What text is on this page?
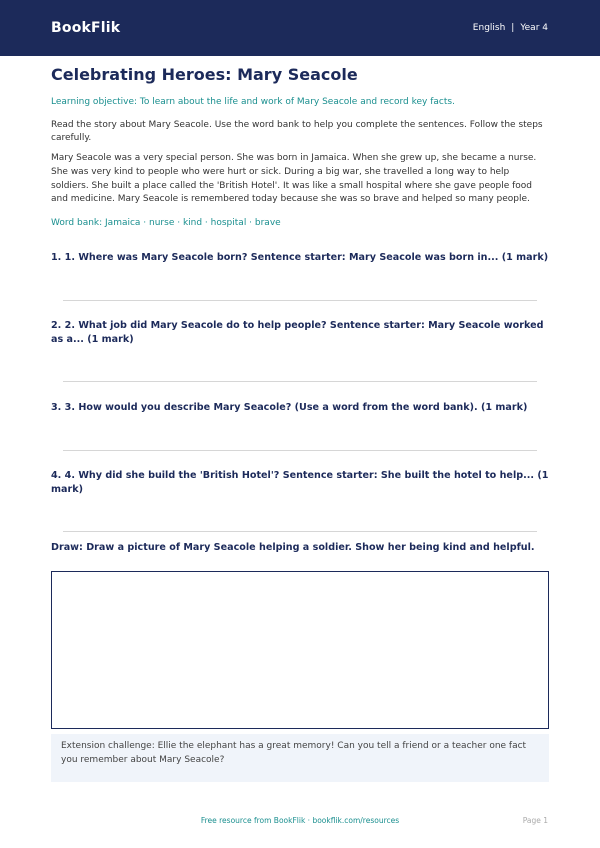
BookFlik	English | Year 4
Celebrating Heroes: Mary Seacole
Learning objective: To learn about the life and work of Mary Seacole and record key facts.
Read the story about Mary Seacole. Use the word bank to help you complete the sentences. Follow the steps carefully.
Mary Seacole was a very special person. She was born in Jamaica. When she grew up, she became a nurse. She was very kind to people who were hurt or sick. During a big war, she travelled a long way to help soldiers. She built a place called the 'British Hotel'. It was like a small hospital where she gave people food and medicine. Mary Seacole is remembered today because she was so brave and helped so many people.
Word bank: Jamaica · nurse · kind · hospital · brave
1. 1. Where was Mary Seacole born? Sentence starter: Mary Seacole was born in... (1 mark)
2. 2. What job did Mary Seacole do to help people? Sentence starter: Mary Seacole worked as a... (1 mark)
3. 3. How would you describe Mary Seacole? (Use a word from the word bank). (1 mark)
4. 4. Why did she build the 'British Hotel'? Sentence starter: She built the hotel to help... (1 mark)
Draw: Draw a picture of Mary Seacole helping a soldier. Show her being kind and helpful.
Extension challenge: Ellie the elephant has a great memory! Can you tell a friend or a teacher one fact you remember about Mary Seacole?
Free resource from BookFlik · bookflik.com/resources	Page 1
